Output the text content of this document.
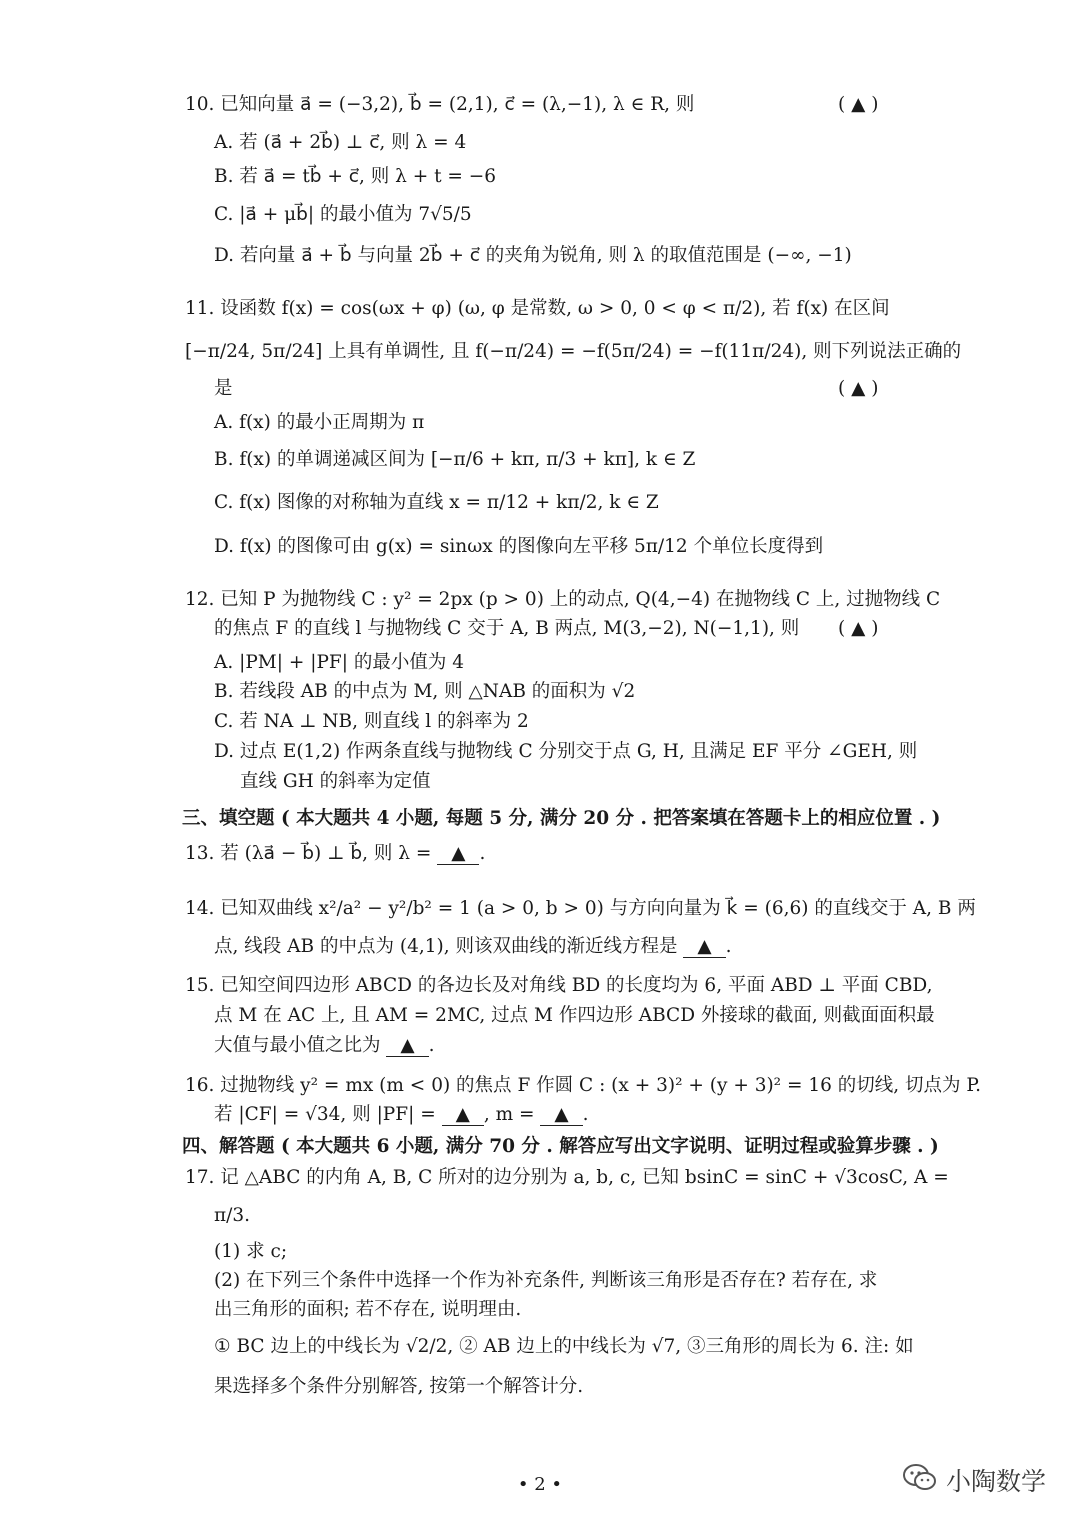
10. 已知向量 a⃗ = (−3,2), b⃗ = (2,1), c⃗ = (λ,−1), λ ∈ R, 则	( ▲ )
A. 若 (a⃗ + 2b⃗) ⊥ c⃗, 则 λ = 4
B. 若 a⃗ = tb⃗ + c⃗, 则 λ + t = −6
C. |a⃗ + μb⃗| 的最小值为 7√5/5
D. 若向量 a⃗ + b⃗ 与向量 2b⃗ + c⃗ 的夹角为锐角, 则 λ 的取值范围是 (−∞, −1)
11. 设函数 f(x) = cos(ωx + φ) (ω, φ 是常数, ω > 0, 0 < φ < π/2), 若 f(x) 在区间
[−π/24, 5π/24] 上具有单调性, 且 f(−π/24) = −f(5π/24) = −f(11π/24), 则下列说法正确的
是	( ▲ )
A. f(x) 的最小正周期为 π
B. f(x) 的单调递减区间为 [−π/6 + kπ, π/3 + kπ], k ∈ Z
C. f(x) 图像的对称轴为直线 x = π/12 + kπ/2, k ∈ Z
D. f(x) 的图像可由 g(x) = sinωx 的图像向左平移 5π/12 个单位长度得到
12. 已知 P 为抛物线 C : y² = 2px (p > 0) 上的动点, Q(4,−4) 在抛物线 C 上, 过抛物线 C
的焦点 F 的直线 l 与抛物线 C 交于 A, B 两点, M(3,−2), N(−1,1), 则 ( ▲ )
A. |PM| + |PF| 的最小值为 4
B. 若线段 AB 的中点为 M, 则 △NAB 的面积为 √2
C. 若 NA ⊥ NB, 则直线 l 的斜率为 2
D. 过点 E(1,2) 作两条直线与抛物线 C 分别交于点 G, H, 且满足 EF 平分 ∠GEH, 则
直线 GH 的斜率为定值
三、填空题 ( 本大题共 4 小题, 每题 5 分, 满分 20 分 . 把答案填在答题卡上的相应位置 . )
13. 若 (λa⃗ − b⃗) ⊥ b⃗, 则 λ = ▲ .
14. 已知双曲线 x²/a² − y²/b² = 1 (a > 0, b > 0) 与方向向量为 k⃗ = (6,6) 的直线交于 A, B 两
点, 线段 AB 的中点为 (4,1), 则该双曲线的渐近线方程是 ▲ .
15. 已知空间四边形 ABCD 的各边长及对角线 BD 的长度均为 6, 平面 ABD ⊥ 平面 CBD,
点 M 在 AC 上, 且 AM = 2MC, 过点 M 作四边形 ABCD 外接球的截面, 则截面面积最
大值与最小值之比为 ▲ .
16. 过抛物线 y² = mx (m < 0) 的焦点 F 作圆 C : (x + 3)² + (y + 3)² = 16 的切线, 切点为 P.
若 |CF| = √34, 则 |PF| = ▲ , m = ▲ .
四、解答题 ( 本大题共 6 小题, 满分 70 分 . 解答应写出文字说明、证明过程或验算步骤 . )
17. 记 △ABC 的内角 A, B, C 所对的边分别为 a, b, c, 已知 bsinC = sinC + √3cosC, A =
π/3.
(1) 求 c;
(2) 在下列三个条件中选择一个作为补充条件, 判断该三角形是否存在? 若存在, 求
出三角形的面积; 若不存在, 说明理由.
① BC 边上的中线长为 √2/2, ② AB 边上的中线长为 √7, ③三角形的周长为 6. 注: 如
果选择多个条件分别解答, 按第一个解答计分.
• 2 •	小陶数学
